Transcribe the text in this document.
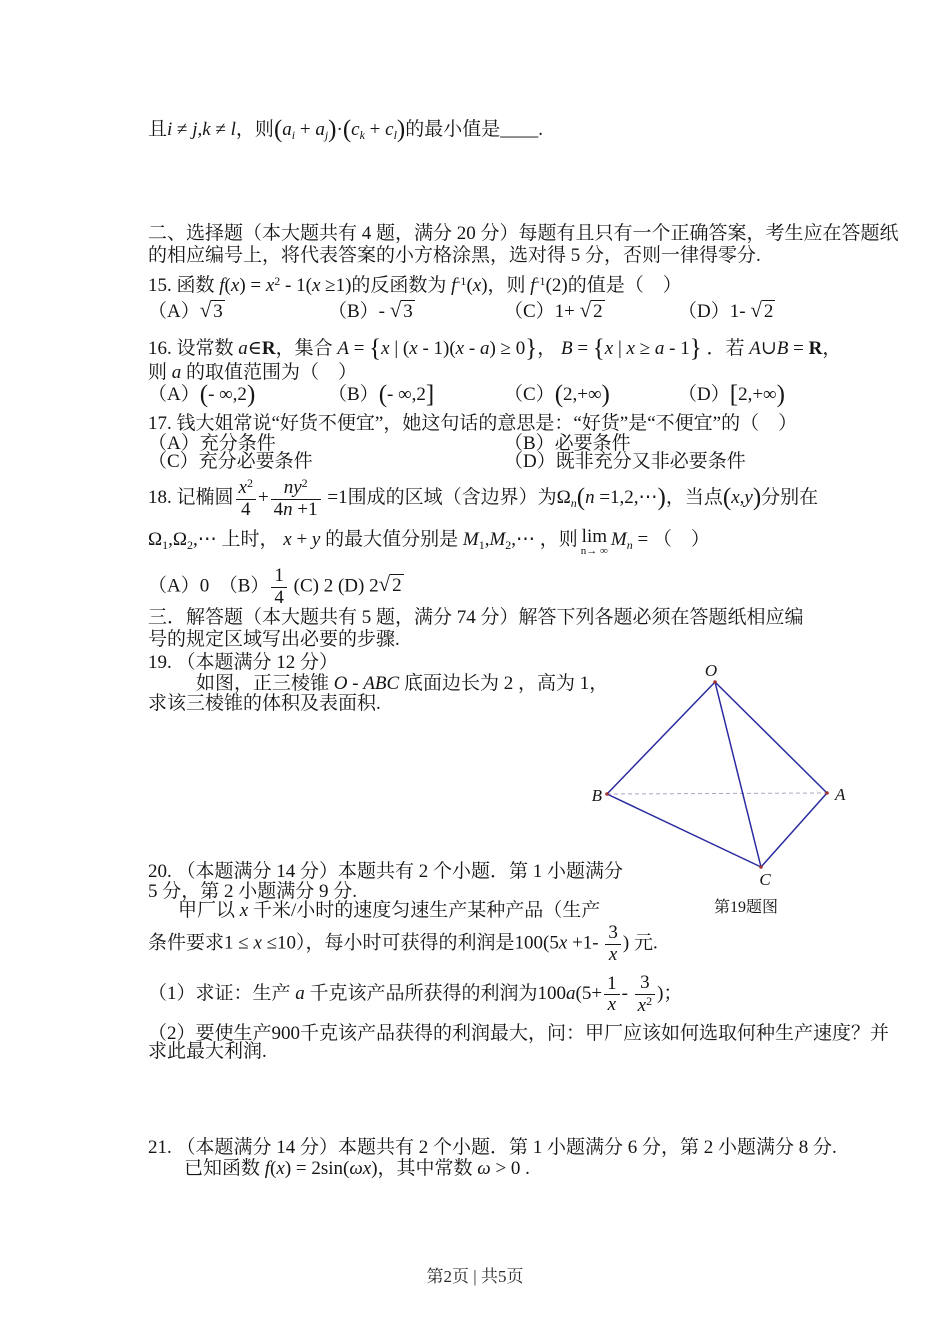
且i ≠ j,k ≠ l，则$(a_i + a_j)\cdot(c_k + c_l)$的最小值是____.
二、选择题（本大题共有 4 题，满分 20 分）每题有且只有一个正确答案，考生应在答题纸
的相应编号上，将代表答案的小方格涂黑，选对得 5 分，否则一律得零分.
15. 函数 $f(x) = x^2 - 1(x \ge 1)$的反函数为 $f^{-1}(x)$，则 $f^{-1}(2)$的值是（　）
（A）√ 3	（B）- √ 3	（C）1+ √ 2	（D）1- √ 2
16. 设常数 a∈R，集合 A = {x | (x - 1)(x - a) ≥ 0}， B = {x | x ≥ a - 1} ．若 A∪B = R，
则 a 的取值范围为（　）
（A）(- ∞,2)	（B）(- ∞,2]	（C）(2,+∞)	（D）[2,+∞)
17. 钱大姐常说“好货不便宜”，她这句话的意思是：“好货”是“不便宜”的（　）
（A）充分条件	（B）必要条件
（C）充分必要条件	（D）既非充分又非必要条件
18. 记椭圆 $\frac{x^2}{4} + \frac{ny^2}{4n +1} =1$围成的区域（含边界）为$\Omega_n(n$ =1,2,⋯)，当点(x,y)分别在
$\Omega_1,\Omega_2,\cdots$ 上时， x + y 的最大值分别是 $M_1,M_2,\cdots$ ，则 lim
n→ ∞
$M_n$ = （　）
（A）0　$(B) \frac{1}{4} (C)$ 2 (D) 2√ 2
三．解答题（本大题共有 5 题，满分 74 分）解答下列各题必须在答题纸相应编
号的规定区域写出必要的步骤.
19. （本题满分 12 分）
如图，正三棱锥 O - ABC 底面边长为 2 ，高为 1，
求该三棱锥的体积及表面积.
O
B	A
C
第19题图
20. （本题满分 14 分）本题共有 2 个小题．第 1 小题满分
5 分，第 2 小题满分 9 分.
甲厂以 x 千米/小时的速度匀速生产某种产品（生产
条件要求1 ≤ x ≤10），每小时可获得的利润是$100(5x +1- \frac{3}{x}$ ) 元.
（1）求证：生产 a 千克该产品所获得的利润为$100a(5+ \frac{1}{x} - \frac{3}{x^2}$ )；
（2）要使生产900千克该产品获得的利润最大，问：甲厂应该如何选取何种生产速度？并
求此最大利润.
21. （本题满分 14 分）本题共有 2 个小题．第 1 小题满分 6 分，第 2 小题满分 8 分.
已知函数 f(x) = 2sin(ωx)，其中常数 ω > 0 .
第2页 | 共5页
